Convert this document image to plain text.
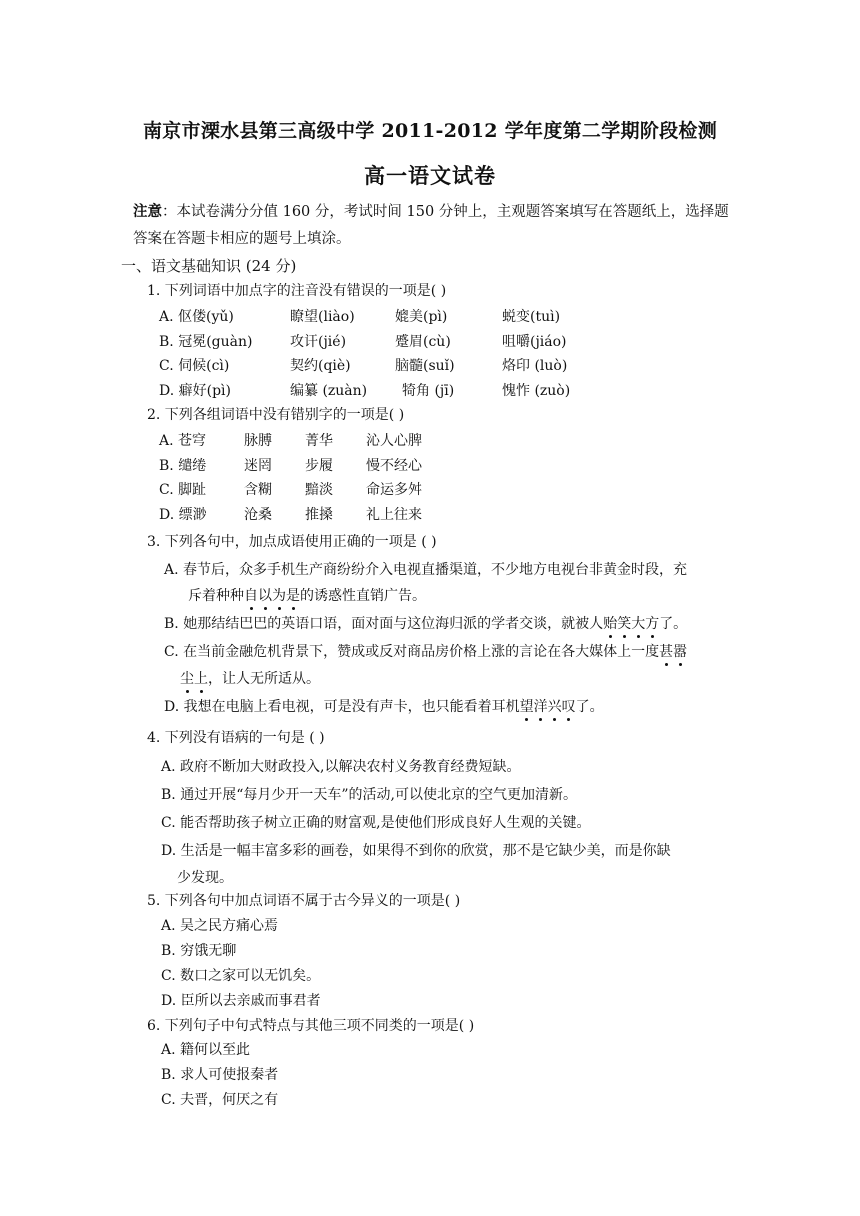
南京市溧水县第三高级中学 2011-2012 学年度第二学期阶段检测
高一语文试卷
注意：本试卷满分分值 160 分，考试时间 150 分钟上，主观题答案填写在答题纸上，选择题
答案在答题卡相应的题号上填涂。
一、语文基础知识 (24 分)
1. 下列词语中加点字的注音没有错误的一项是( )
A. 伛偻(yǔ)	瞭望(liào)	媲美(pì)	蜕变(tuì)
B. 冠冕(guàn)	攻讦(jié)	蹙眉(cù)	咀嚼(jiáo)
C. 伺候(cì)	契约(qiè)	脑髓(suǐ)	烙印 (luò)
D. 癖好(pì)	编纂 (zuàn) 犄角 (jī)	愧怍 (zuò)
2. 下列各组词语中没有错别字的一项是( )
A. 苍穹	脉膊 菁华 沁人心脾
B. 缱绻	迷罔 步履 慢不经心
C. 脚趾	含糊 黯淡 命运多舛
D. 缥渺	沧桑 推搡 礼上往来
3. 下列各句中，加点成语使用正确的一项是 ( )
A. 春节后，众多手机生产商纷纷介入电视直播渠道，不少地方电视台非黄金时段，充
斥着种种自以为是的诱惑性直销广告。
B. 她那结结巴巴的英语口语，面对面与这位海归派的学者交谈，就被人贻笑大方了。
C. 在当前金融危机背景下，赞成或反对商品房价格上涨的言论在各大媒体上一度甚嚣
尘上，让人无所适从。
D. 我想在电脑上看电视，可是没有声卡，也只能看着耳机望洋兴叹了。
4. 下列没有语病的一句是 ( )
A. 政府不断加大财政投入,以解决农村义务教育经费短缺。
B. 通过开展“每月少开一天车”的活动,可以使北京的空气更加清新。
C. 能否帮助孩子树立正确的财富观,是使他们形成良好人生观的关键。
D. 生活是一幅丰富多彩的画卷，如果得不到你的欣赏，那不是它缺少美，而是你缺
少发现。
5. 下列各句中加点词语不属于古今异义的一项是( )
A. 吴之民方痛心焉
B. 穷饿无聊
C. 数口之家可以无饥矣。
D. 臣所以去亲戚而事君者
6. 下列句子中句式特点与其他三项不同类的一项是( )
A. 籍何以至此
B. 求人可使报秦者
C. 夫晋，何厌之有
